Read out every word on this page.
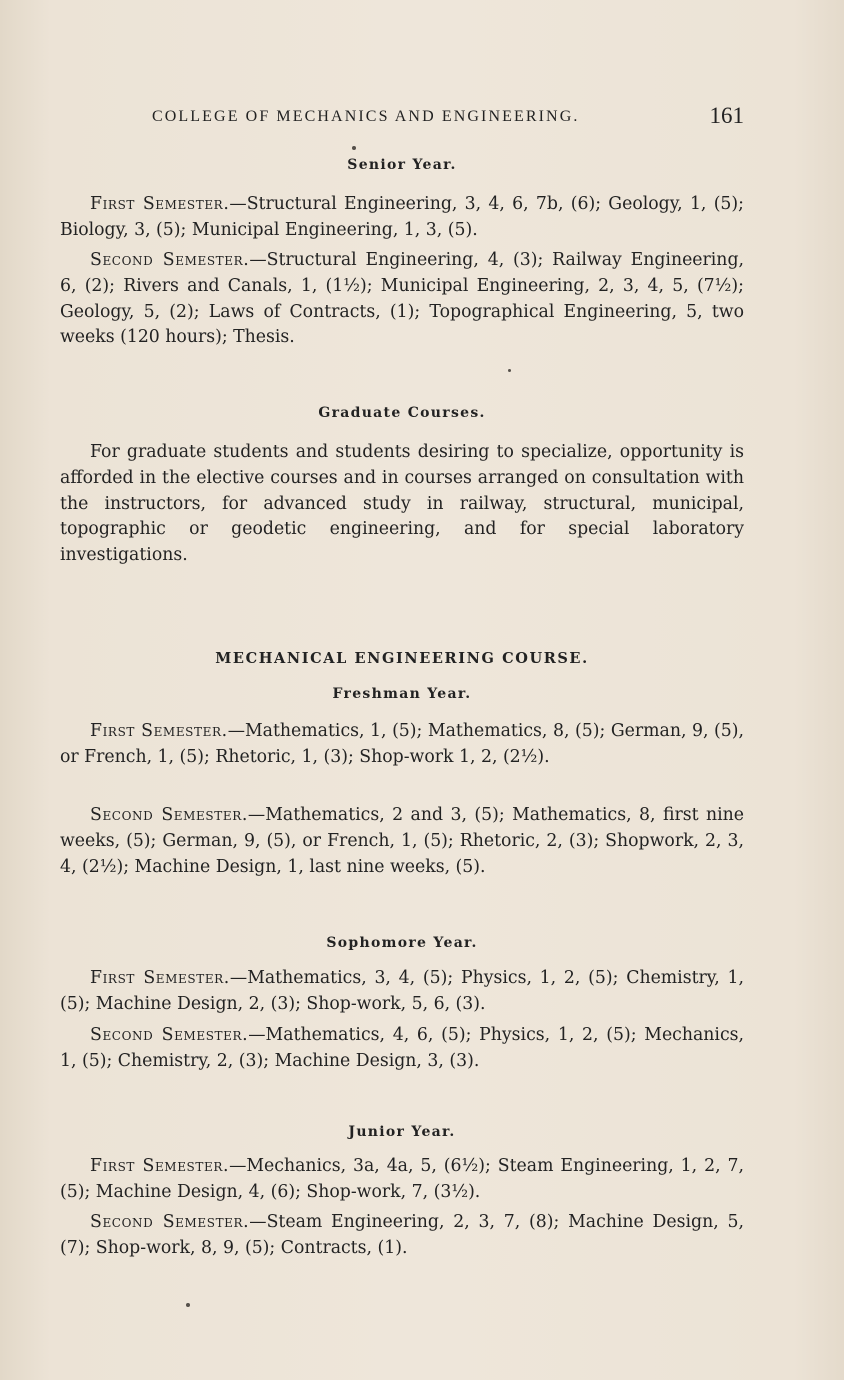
COLLEGE OF MECHANICS AND ENGINEERING.	161
Senior Year.

First Semester.—Structural Engineering, 3, 4, 6, 7b, (6); Geology, 1, (5); Biology, 3, (5); Municipal Engineering, 1, 3, (5).

Second Semester.—Structural Engineering, 4, (3); Railway Engineering, 6, (2); Rivers and Canals, 1, (1½); Municipal Engineering, 2, 3, 4, 5, (7½); Geology, 5, (2); Laws of Contracts, (1); Topographical Engineering, 5, two weeks (120 hours); Thesis.

Graduate Courses.

For graduate students and students desiring to specialize, opportunity is afforded in the elective courses and in courses arranged on consultation with the instructors, for advanced study in railway, structural, municipal, topographic or geodetic engineering, and for special laboratory investigations.

MECHANICAL ENGINEERING COURSE.
Freshman Year.

First Semester.—Mathematics, 1, (5); Mathematics, 8, (5); German, 9, (5), or French, 1, (5); Rhetoric, 1, (3); Shop-work 1, 2, (2½).

Second Semester.—Mathematics, 2 and 3, (5); Mathematics, 8, first nine weeks, (5); German, 9, (5), or French, 1, (5); Rhetoric, 2, (3); Shopwork, 2, 3, 4, (2½); Machine Design, 1, last nine weeks, (5).

Sophomore Year.

First Semester.—Mathematics, 3, 4, (5); Physics, 1, 2, (5); Chemistry, 1, (5); Machine Design, 2, (3); Shop-work, 5, 6, (3).

Second Semester.—Mathematics, 4, 6, (5); Physics, 1, 2, (5); Mechanics, 1, (5); Chemistry, 2, (3); Machine Design, 3, (3).

Junior Year.

First Semester.—Mechanics, 3a, 4a, 5, (6½); Steam Engineering, 1, 2, 7, (5); Machine Design, 4, (6); Shop-work, 7, (3½).

Second Semester.—Steam Engineering, 2, 3, 7, (8); Machine Design, 5, (7); Shop-work, 8, 9, (5); Contracts, (1).
